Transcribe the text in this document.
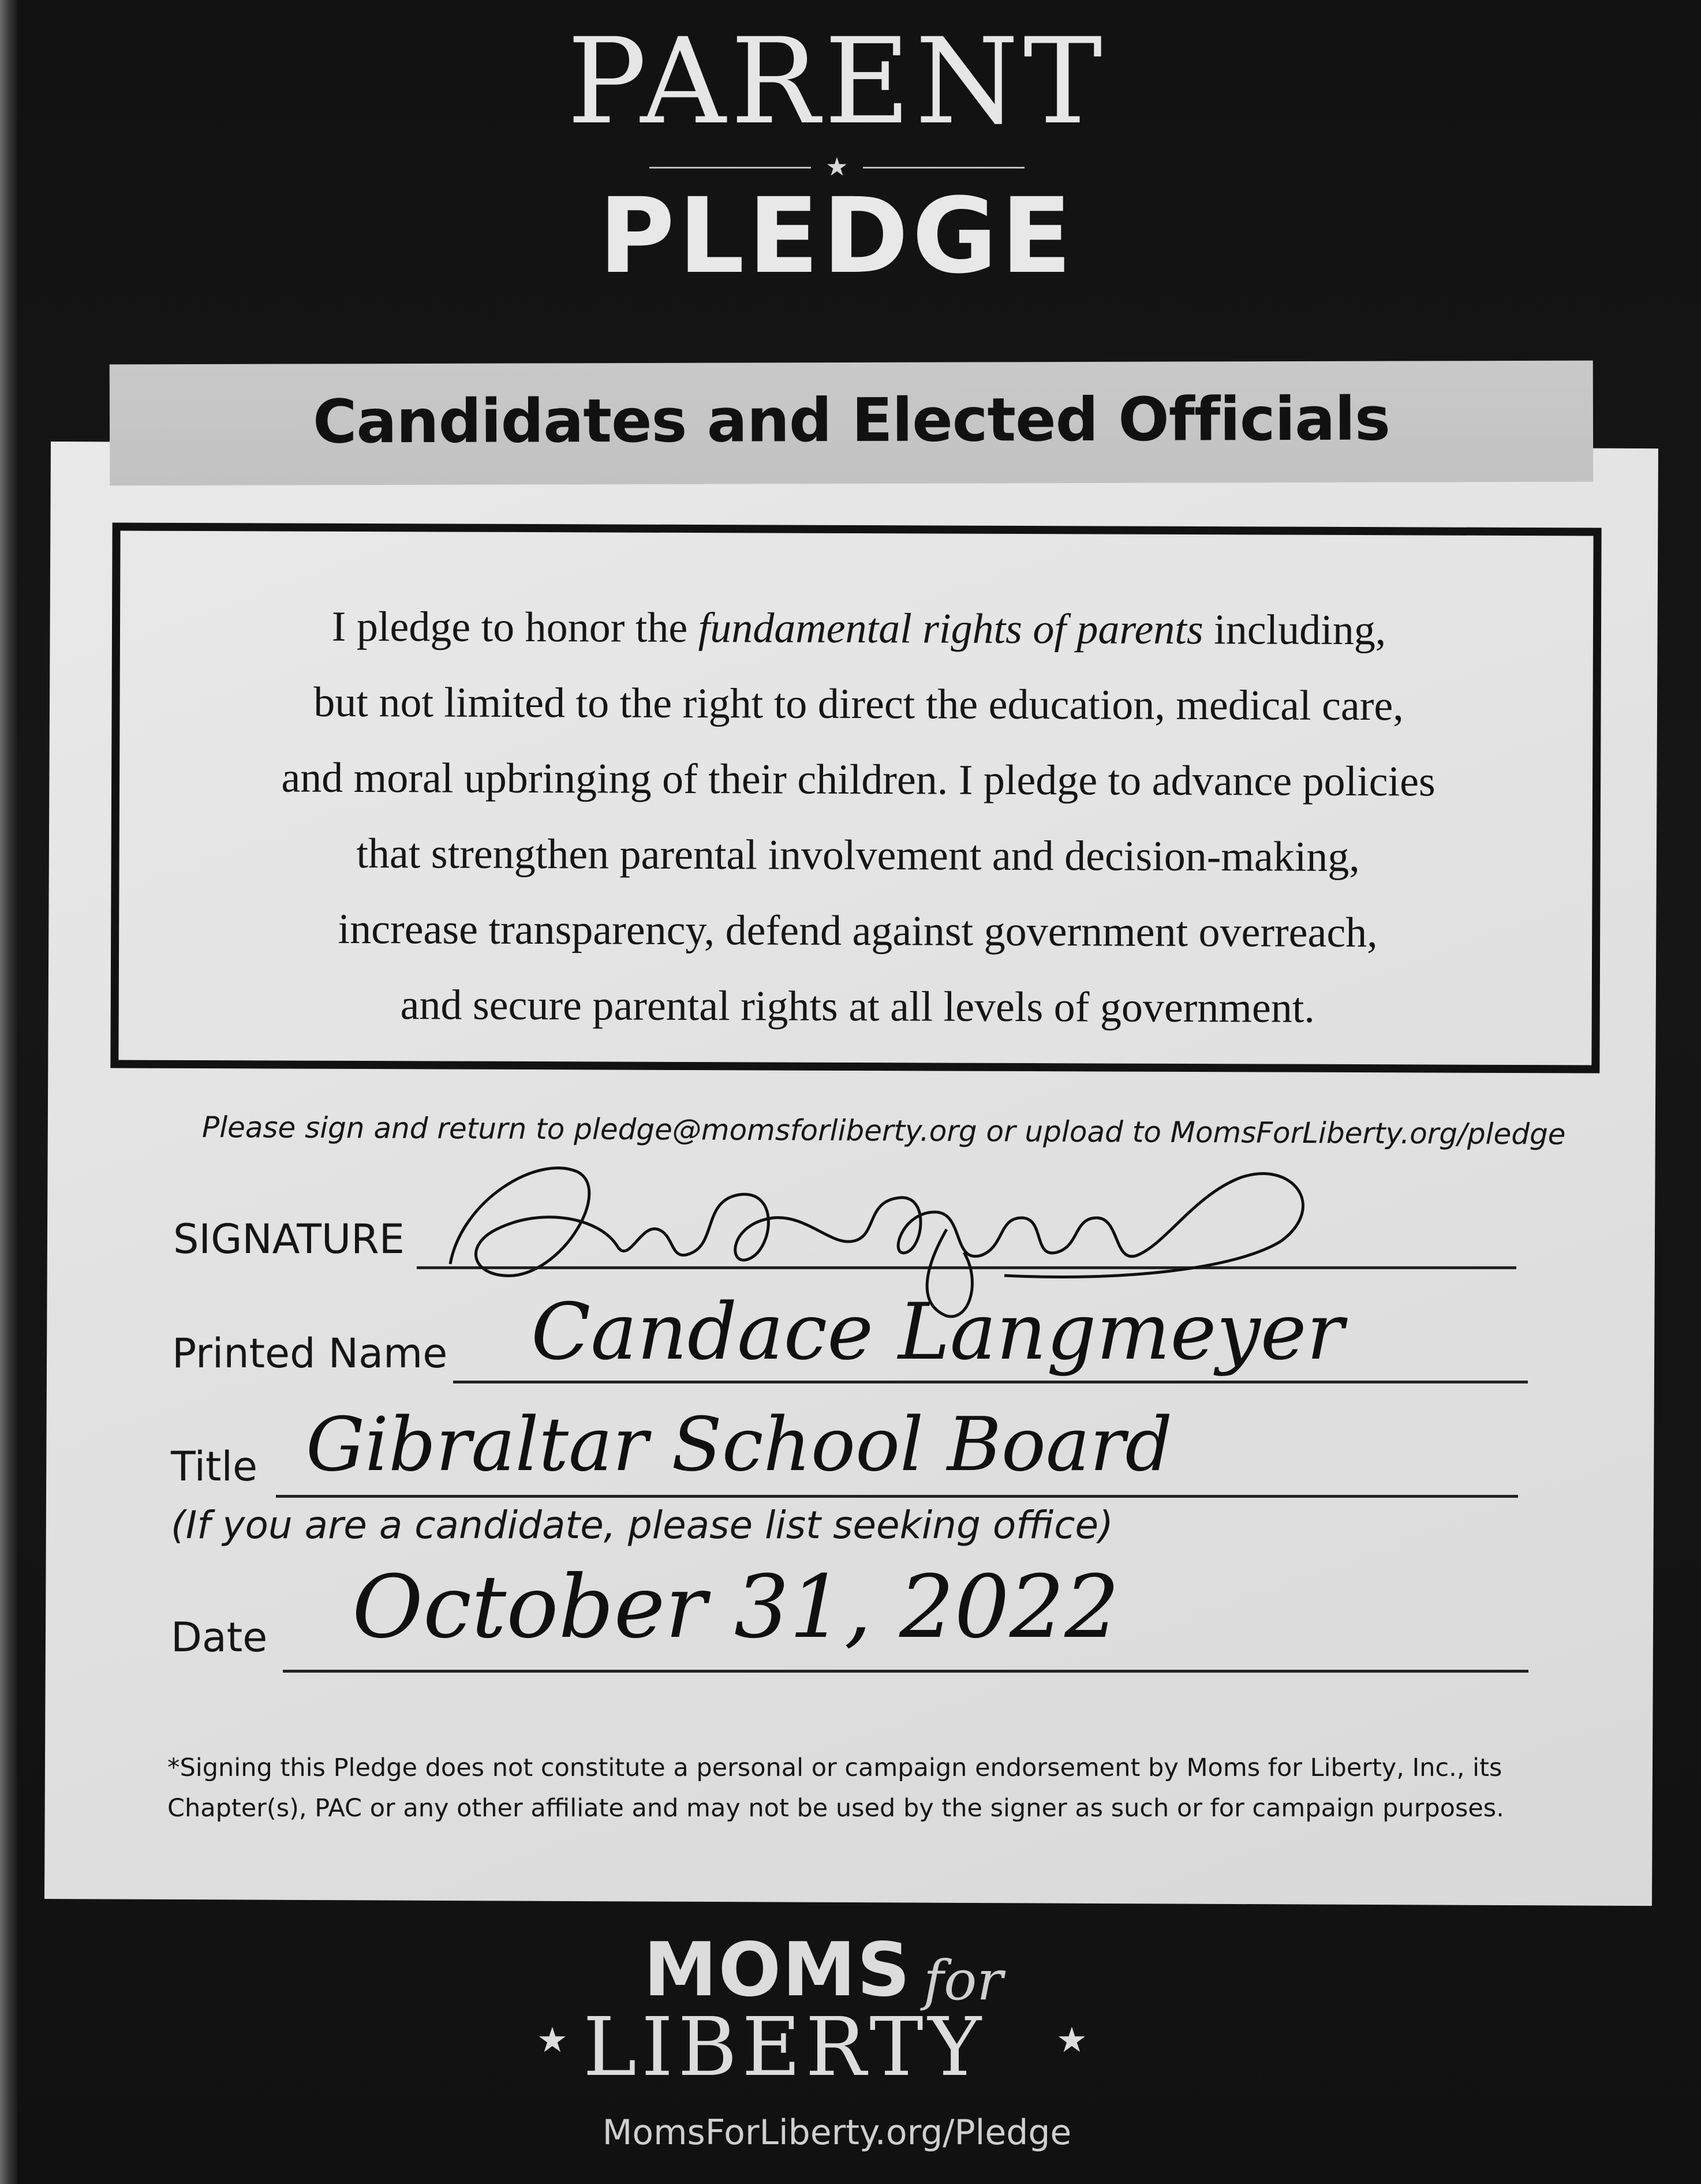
PARENT
★
PLEDGE
Candidates and Elected Officials
I pledge to honor the fundamental rights of parents including,
but not limited to the right to direct the education, medical care,
and moral upbringing of their children. I pledge to advance policies
that strengthen parental involvement and decision-making,
increase transparency, defend against government overreach,
and secure parental rights at all levels of government.
Please sign and return to pledge@momsforliberty.org or upload to MomsForLiberty.org/pledge
SIGNATURE
Printed Name Candace Langmeyer
Title Gibraltar School Board
(If you are a candidate, please list seeking office)
Date October 31, 2022
*Signing this Pledge does not constitute a personal or campaign endorsement by Moms for Liberty, Inc., its
Chapter(s), PAC or any other affiliate and may not be used by the signer as such or for campaign purposes.
MOMS for
★ LIBERTY ★
MomsForLiberty.org/Pledge
